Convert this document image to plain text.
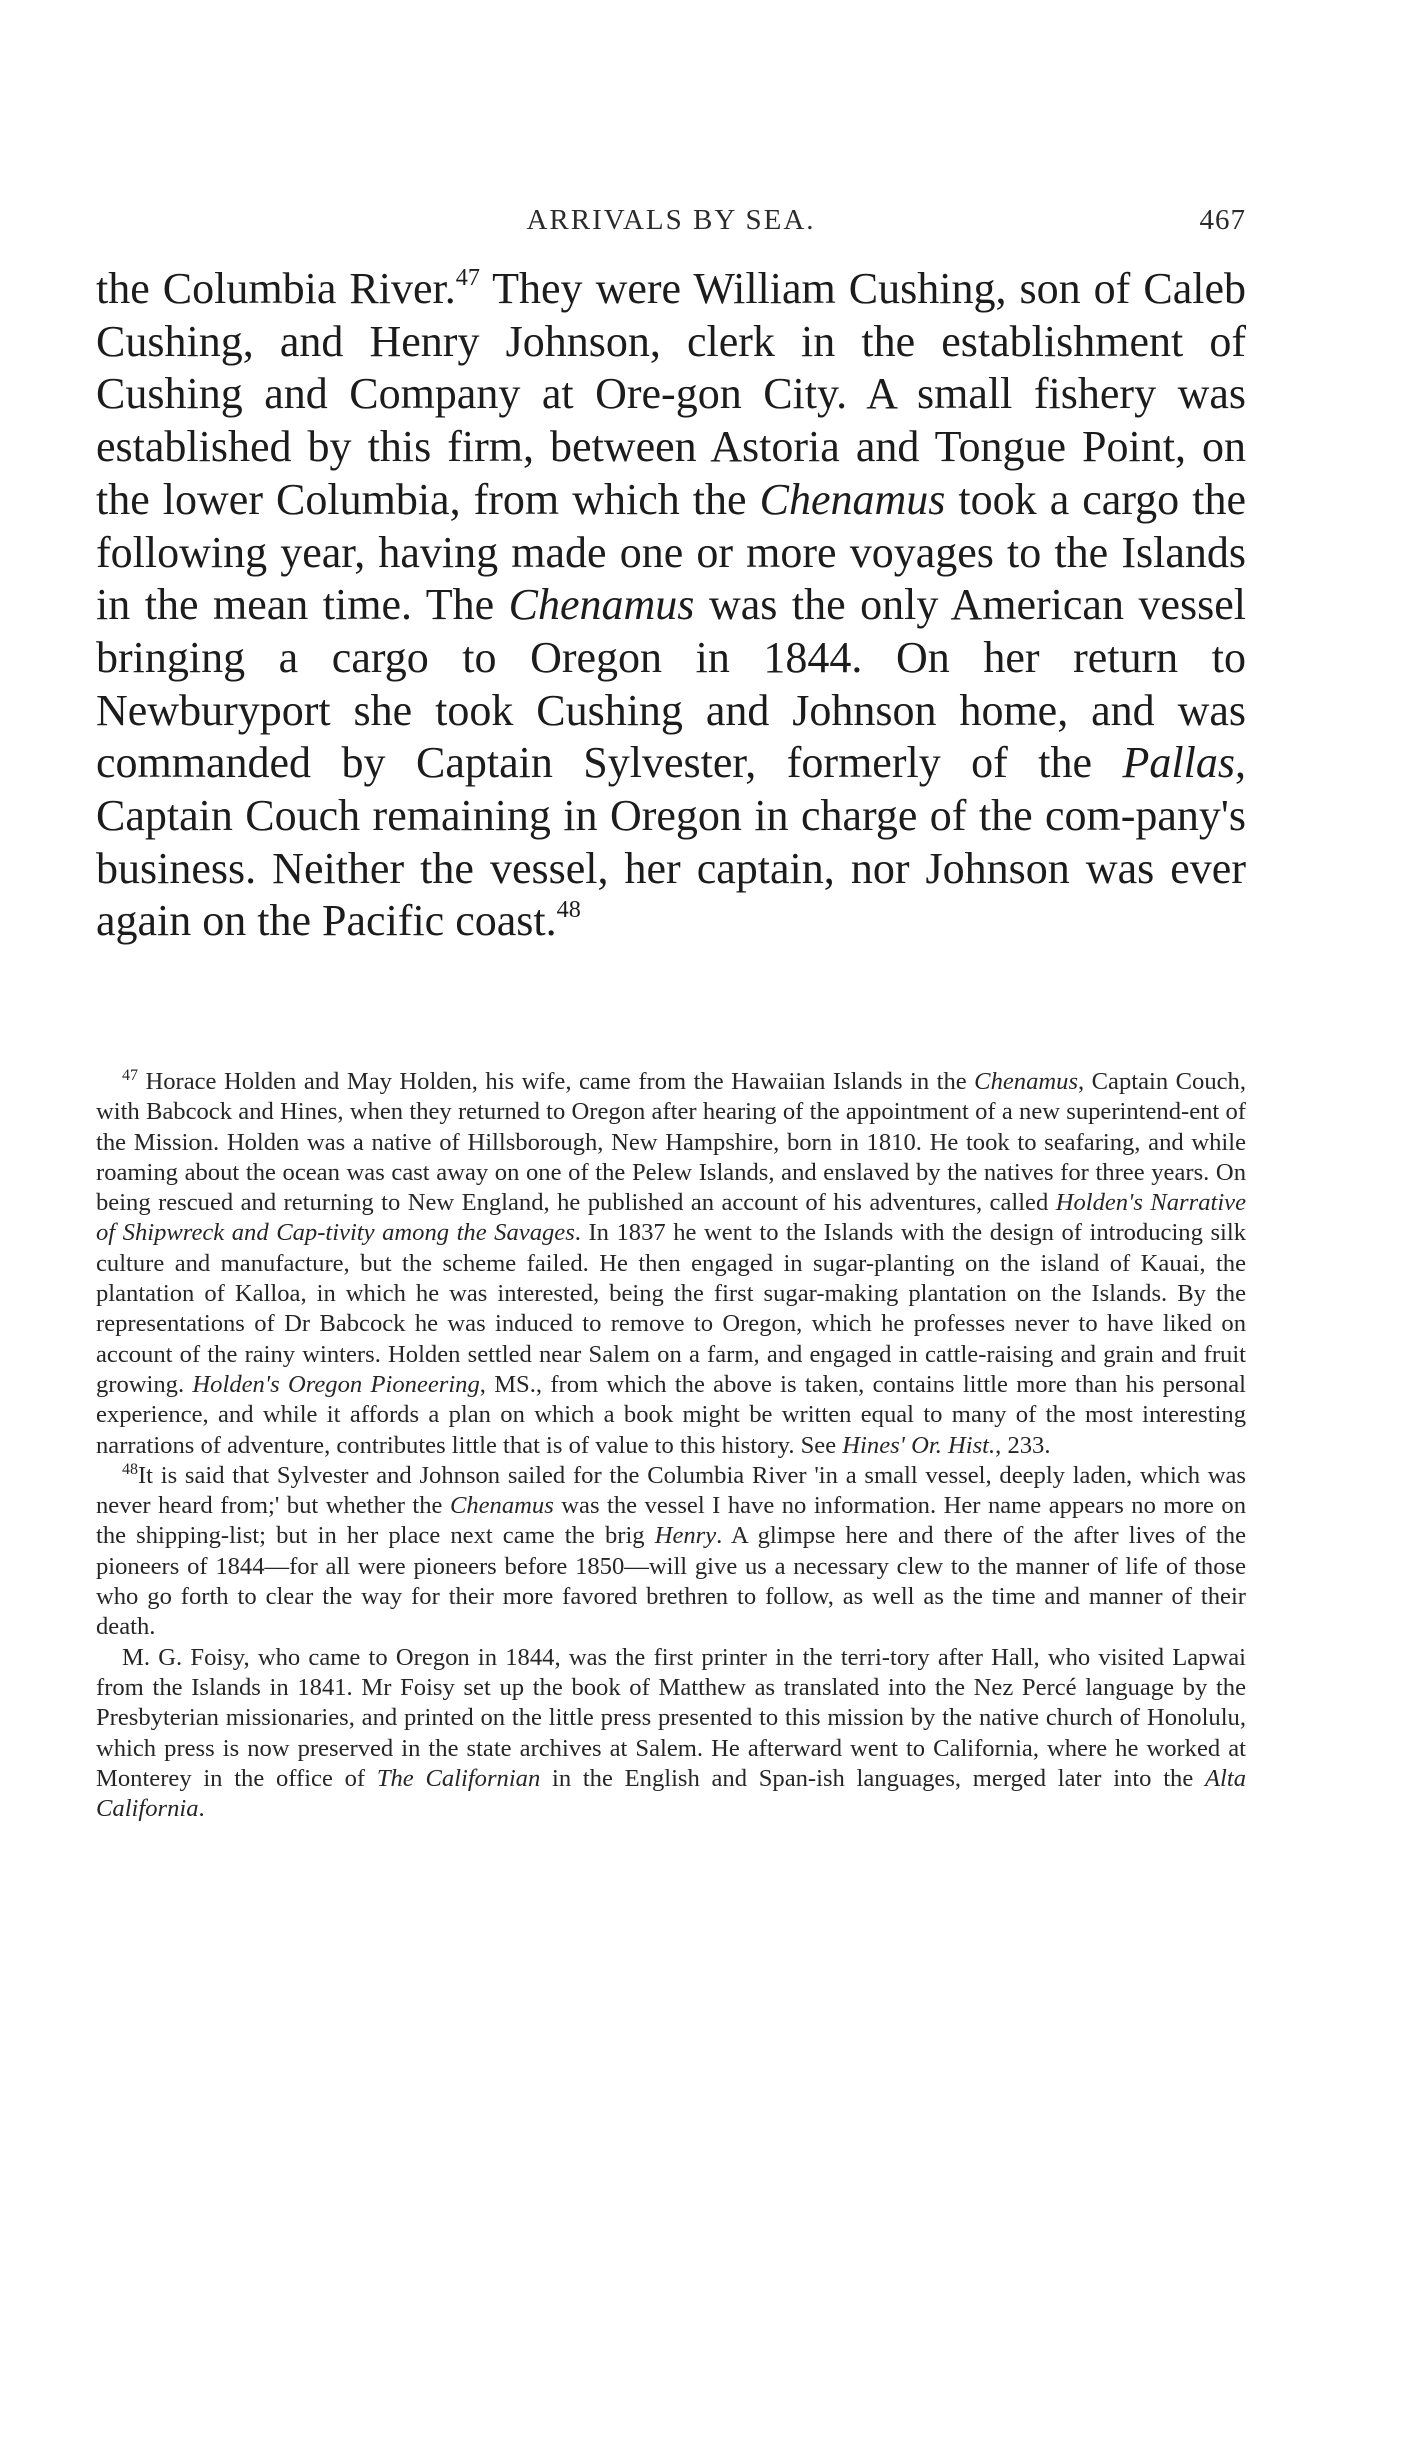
ARRIVALS BY SEA.	467

the Columbia River.$^{47}$ They were William Cushing, son of Caleb Cushing, and Henry Johnson, clerk in the establishment of Cushing and Company at Ore-gon City. A small fishery was established by this firm, between Astoria and Tongue Point, on the lower Columbia, from which the Chenamus took a cargo the following year, having made one or more voyages to the Islands in the mean time. The Chenamus was the only American vessel bringing a cargo to Oregon in 1844. On her return to Newburyport she took Cushing and Johnson home, and was commanded by Captain Sylvester, formerly of the Pallas, Captain Couch remaining in Oregon in charge of the com-pany's business. Neither the vessel, her captain, nor Johnson was ever again on the Pacific coast.$^{48}$

$^{47}$ Horace Holden and May Holden, his wife, came from the Hawaiian Islands in the Chenamus, Captain Couch, with Babcock and Hines, when they returned to Oregon after hearing of the appointment of a new superintend-ent of the Mission. Holden was a native of Hillsborough, New Hampshire, born in 1810. He took to seafaring, and while roaming about the ocean was cast away on one of the Pelew Islands, and enslaved by the natives for three years. On being rescued and returning to New England, he published an account of his adventures, called Holden's Narrative of Shipwreck and Cap-tivity among the Savages. In 1837 he went to the Islands with the design of introducing silk culture and manufacture, but the scheme failed. He then engaged in sugar-planting on the island of Kauai, the plantation of Kalloa, in which he was interested, being the first sugar-making plantation on the Islands. By the representations of Dr Babcock he was induced to remove to Oregon, which he professes never to have liked on account of the rainy winters. Holden settled near Salem on a farm, and engaged in cattle-raising and grain and fruit growing. Holden's Oregon Pioneering, MS., from which the above is taken, contains little more than his personal experience, and while it affords a plan on which a book might be written equal to many of the most interesting narrations of adventure, contributes little that is of value to this history. See Hines' Or. Hist., 233.

$^{48}$It is said that Sylvester and Johnson sailed for the Columbia River 'in a small vessel, deeply laden, which was never heard from;' but whether the Chenamus was the vessel I have no information. Her name appears no more on the shipping-list; but in her place next came the brig Henry. A glimpse here and there of the after lives of the pioneers of 1844—for all were pioneers before 1850—will give us a necessary clew to the manner of life of those who go forth to clear the way for their more favored brethren to follow, as well as the time and manner of their death.

M. G. Foisy, who came to Oregon in 1844, was the first printer in the terri-tory after Hall, who visited Lapwai from the Islands in 1841. Mr Foisy set up the book of Matthew as translated into the Nez Percé language by the Presbyterian missionaries, and printed on the little press presented to this mission by the native church of Honolulu, which press is now preserved in the state archives at Salem. He afterward went to California, where he worked at Monterey in the office of The Californian in the English and Span-ish languages, merged later into the Alta California.
